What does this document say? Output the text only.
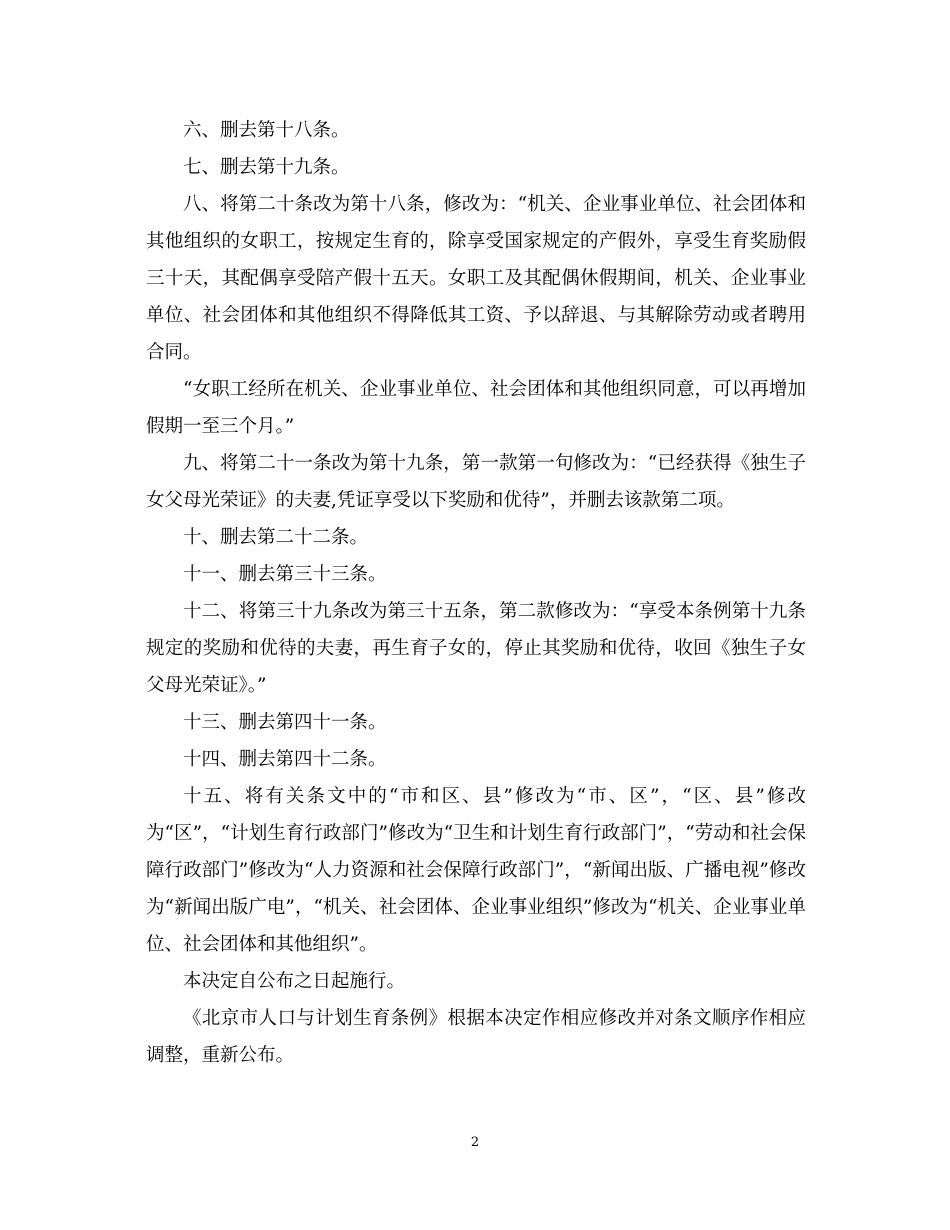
六、删去第十八条。

七、删去第十九条。

八、将第二十条改为第十八条，修改为：“机关、企业事业单位、社会团体和其他组织的女职工，按规定生育的，除享受国家规定的产假外，享受生育奖励假三十天，其配偶享受陪产假十五天。女职工及其配偶休假期间，机关、企业事业单位、社会团体和其他组织不得降低其工资、予以辞退、与其解除劳动或者聘用合同。

“女职工经所在机关、企业事业单位、社会团体和其他组织同意，可以再增加假期一至三个月。”

九、将第二十一条改为第十九条，第一款第一句修改为：“已经获得《独生子女父母光荣证》的夫妻,凭证享受以下奖励和优待”，并删去该款第二项。

十、删去第二十二条。

十一、删去第三十三条。

十二、将第三十九条改为第三十五条，第二款修改为：“享受本条例第十九条规定的奖励和优待的夫妻，再生育子女的，停止其奖励和优待，收回《独生子女父母光荣证》。”

十三、删去第四十一条。

十四、删去第四十二条。

十五、将有关条文中的“市和区、县”修改为“市、区”，“区、县”修改为“区”，“计划生育行政部门”修改为“卫生和计划生育行政部门”，“劳动和社会保障行政部门”修改为“人力资源和社会保障行政部门”，“新闻出版、广播电视”修改为“新闻出版广电”，“机关、社会团体、企业事业组织”修改为“机关、企业事业单位、社会团体和其他组织”。

本决定自公布之日起施行。

《北京市人口与计划生育条例》根据本决定作相应修改并对条文顺序作相应调整，重新公布。

2
